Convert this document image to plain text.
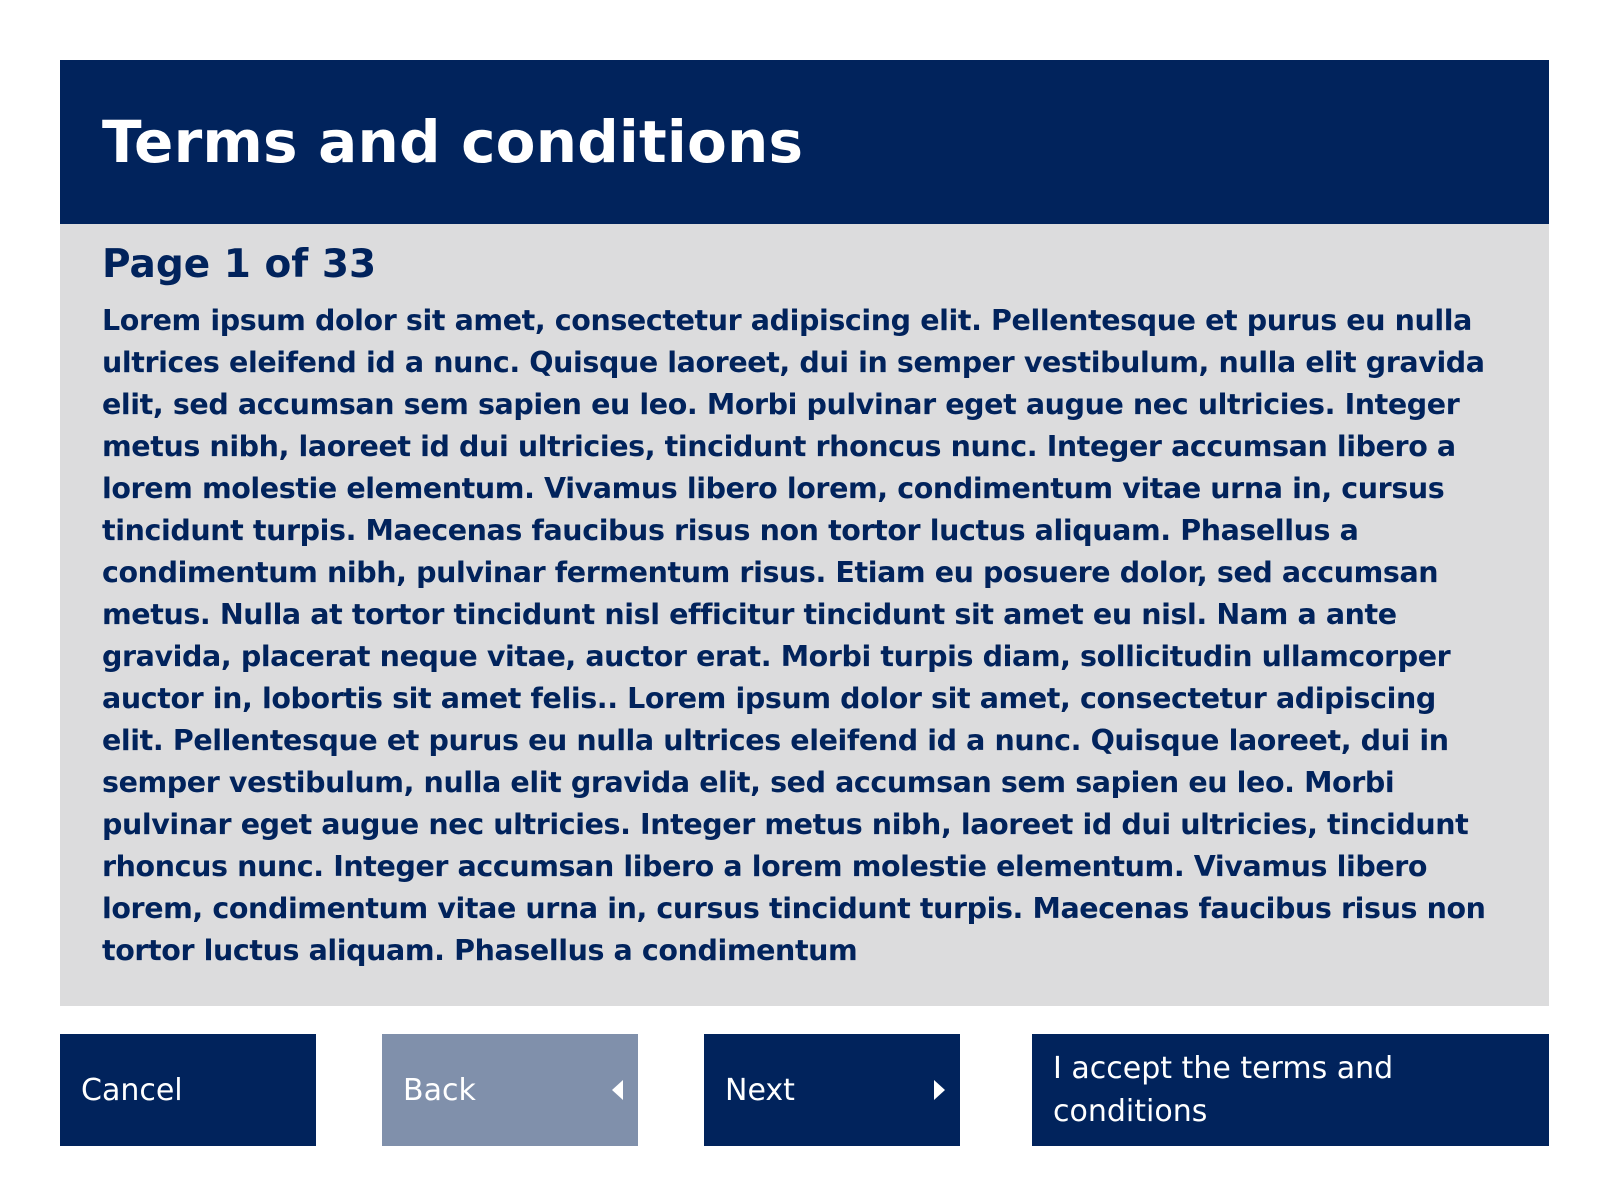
Terms and conditions
Page 1 of 33

Lorem ipsum dolor sit amet, consectetur adipiscing elit. Pellentesque et purus eu nulla ultrices eleifend id a nunc. Quisque laoreet, dui in semper vestibulum, nulla elit gravida elit, sed accumsan sem sapien eu leo. Morbi pulvinar eget augue nec ultricies. Integer metus nibh, laoreet id dui ultricies, tincidunt rhoncus nunc. Integer accumsan libero a lorem molestie elementum. Vivamus libero lorem, condimentum vitae urna in, cursus tincidunt turpis. Maecenas faucibus risus non tortor luctus aliquam. Phasellus a condimentum nibh, pulvinar fermentum risus. Etiam eu posuere dolor, sed accumsan metus. Nulla at tortor tincidunt nisl efficitur tincidunt sit amet eu nisl. Nam a ante gravida, placerat neque vitae, auctor erat. Morbi turpis diam, sollicitudin ullamcorper auctor in, lobortis sit amet felis.. Lorem ipsum dolor sit amet, consectetur adipiscing elit. Pellentesque et purus eu nulla ultrices eleifend id a nunc. Quisque laoreet, dui in semper vestibulum, nulla elit gravida elit, sed accumsan sem sapien eu leo. Morbi pulvinar eget augue nec ultricies. Integer metus nibh, laoreet id dui ultricies, tincidunt rhoncus nunc. Integer accumsan libero a lorem molestie elementum. Vivamus libero lorem, condimentum vitae urna in, cursus tincidunt turpis. Maecenas faucibus risus non tortor luctus aliquam. Phasellus a condimentum

Cancel	Back	Next
I accept the terms and conditions
